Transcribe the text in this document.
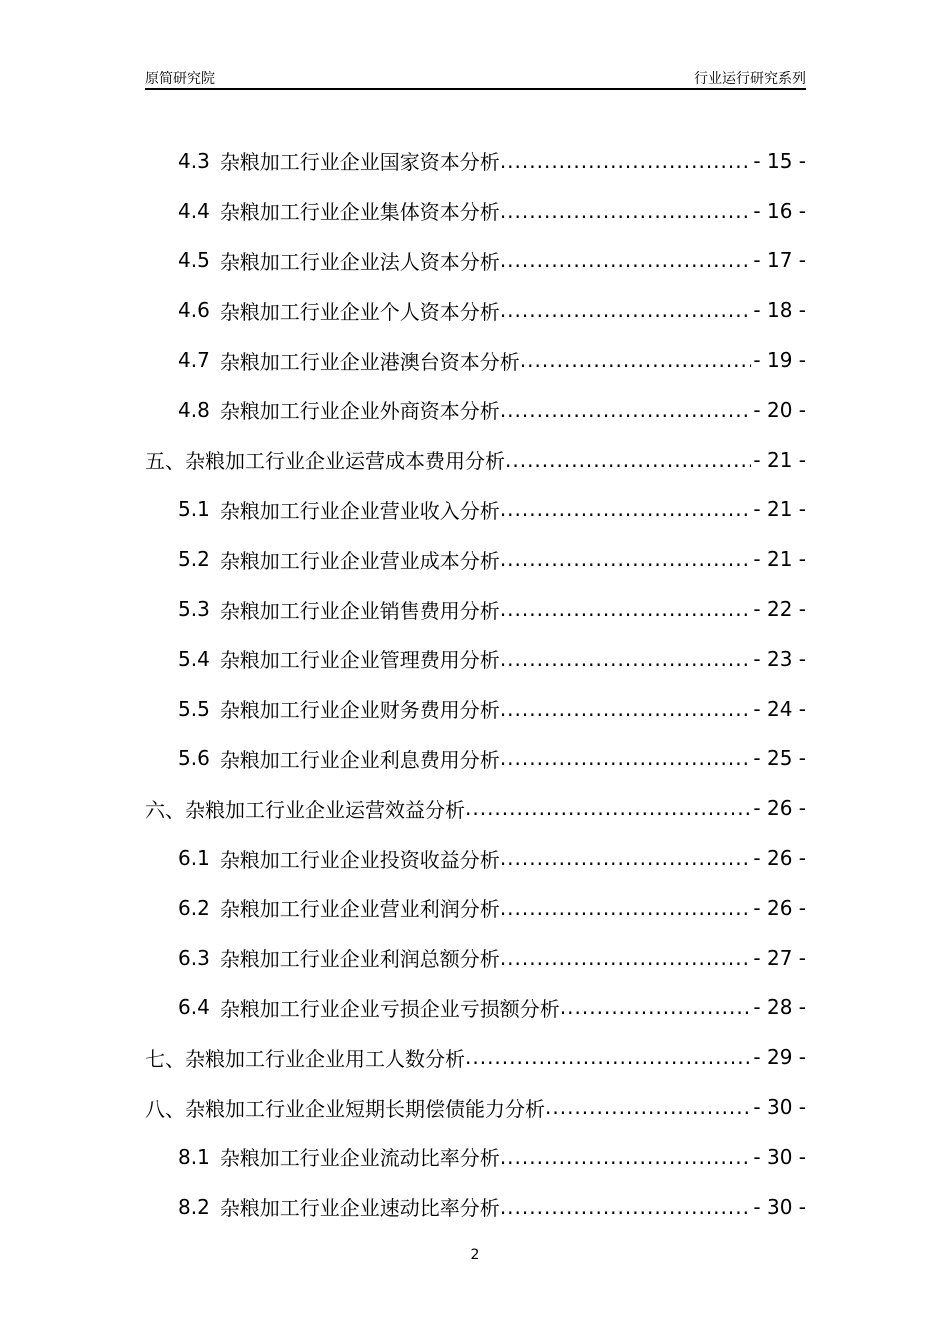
原简研究院	行业运行研究系列
4.3 杂粮加工行业企业国家资本分析 .....	- 15 -
4.4 杂粮加工行业企业集体资本分析 .....	- 16 -
4.5 杂粮加工行业企业法人资本分析 .....	- 17 -
4.6 杂粮加工行业企业个人资本分析 .....	- 18 -
4.7 杂粮加工行业企业港澳台资本分析 .....	- 19 -
4.8 杂粮加工行业企业外商资本分析 .....	- 20 -
五、杂粮加工行业企业运营成本费用分析 .....	- 21 -
5.1 杂粮加工行业企业营业收入分析 .....	- 21 -
5.2 杂粮加工行业企业营业成本分析 .....	- 21 -
5.3 杂粮加工行业企业销售费用分析 .....	- 22 -
5.4 杂粮加工行业企业管理费用分析 .....	- 23 -
5.5 杂粮加工行业企业财务费用分析 .....	- 24 -
5.6 杂粮加工行业企业利息费用分析 .....	- 25 -
六、杂粮加工行业企业运营效益分析 .....	- 26 -
6.1 杂粮加工行业企业投资收益分析 .....	- 26 -
6.2 杂粮加工行业企业营业利润分析 .....	- 26 -
6.3 杂粮加工行业企业利润总额分析 .....	- 27 -
6.4 杂粮加工行业企业亏损企业亏损额分析 .....	- 28 -
七、杂粮加工行业企业用工人数分析 .....	- 29 -
八、杂粮加工行业企业短期长期偿债能力分析 .....	- 30 -
8.1 杂粮加工行业企业流动比率分析 .....	- 30 -
8.2 杂粮加工行业企业速动比率分析 .....	- 30 -
2
